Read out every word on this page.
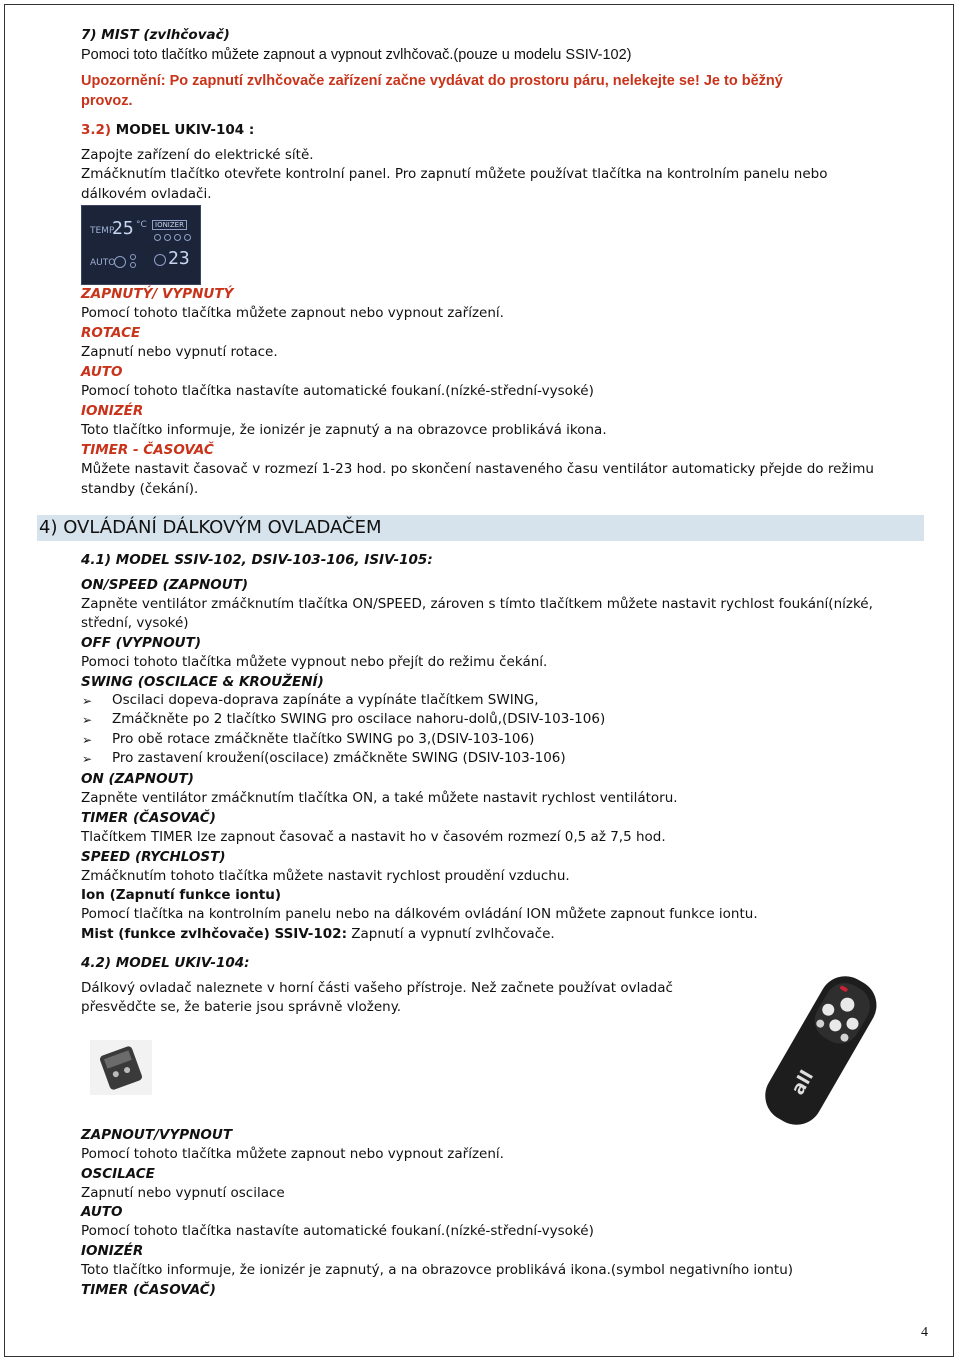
7) MIST (zvlhčovač)
Pomoci toto tlačítko můžete zapnout a vypnout zvlhčovač.(pouze u modelu SSIV-102)
Upozornění: Po zapnutí zvlhčovače zařízení začne vydávat do prostoru páru, nelekejte se! Je to běžný
provoz.
3.2) MODEL UKIV-104 :
Zapojte zařízení do elektrické sítě.
Zmáčknutím tlačítko otevřete kontrolní panel. Pro zapnutí můžete používat tlačítka na kontrolním panelu nebo
dálkovém ovladači.
TEMP
25 °C	IONIZER
AUTO	23
ZAPNUTÝ/ VYPNUTÝ
Pomocí tohoto tlačítka můžete zapnout nebo vypnout zařízení.
ROTACE
Zapnutí nebo vypnutí rotace.
AUTO
Pomocí tohoto tlačítka nastavíte automatické foukaní.(nízké-střední-vysoké)
IONIZÉR
Toto tlačítko informuje, že ionizér je zapnutý a na obrazovce problikává ikona.
TIMER - ČASOVAČ
Můžete nastavit časovač v rozmezí 1-23 hod. po skončení nastaveného času ventilátor automaticky přejde do režimu
standby (čekání).
4) OVLÁDÁNÍ DÁLKOVÝM OVLADAČEM
4.1) MODEL SSIV-102, DSIV-103-106, ISIV-105:
ON/SPEED (ZAPNOUT)
Zapněte ventilátor zmáčknutím tlačítka ON/SPEED, zároven s tímto tlačítkem můžete nastavit rychlost foukání(nízké,
střední, vysoké)
OFF (VYPNOUT)
Pomoci tohoto tlačítka můžete vypnout nebo přejít do režimu čekání.
SWING (OSCILACE & KROUŽENÍ)
➢ Oscilaci dopeva-doprava zapínáte a vypínáte tlačítkem SWING,
➢ Zmáčkněte po 2 tlačítko SWING pro oscilace nahoru-dolů,(DSIV-103-106)
➢ Pro obě rotace zmáčkněte tlačítko SWING po 3,(DSIV-103-106)
➢ Pro zastavení kroužení(oscilace) zmáčkněte SWING (DSIV-103-106)
ON (ZAPNOUT)
Zapněte ventilátor zmáčknutím tlačítka ON, a také můžete nastavit rychlost ventilátoru.
TIMER (ČASOVAČ)
Tlačítkem TIMER lze zapnout časovač a nastavit ho v časovém rozmezí 0,5 až 7,5 hod.
SPEED (RYCHLOST)
Zmáčknutím tohoto tlačítka můžete nastavit rychlost proudění vzduchu.
Ion (Zapnutí funkce iontu)
Pomocí tlačítka na kontrolním panelu nebo na dálkovém ovládání ION můžete zapnout funkce iontu.
Mist (funkce zvlhčovače) SSIV-102: Zapnutí a vypnutí zvlhčovače.
4.2) MODEL UKIV-104:
Dálkový ovladač naleznete v horní části vašeho přístroje. Než začnete používat ovladač
přesvědčte se, že baterie jsou správně vloženy.
all
ZAPNOUT/VYPNOUT
Pomocí tohoto tlačítka můžete zapnout nebo vypnout zařízení.
OSCILACE
Zapnutí nebo vypnutí oscilace
AUTO
Pomocí tohoto tlačítka nastavíte automatické foukaní.(nízké-střední-vysoké)
IONIZÉR
Toto tlačítko informuje, že ionizér je zapnutý, a na obrazovce problikává ikona.(symbol negativního iontu)
TIMER (ČASOVAČ)
4
